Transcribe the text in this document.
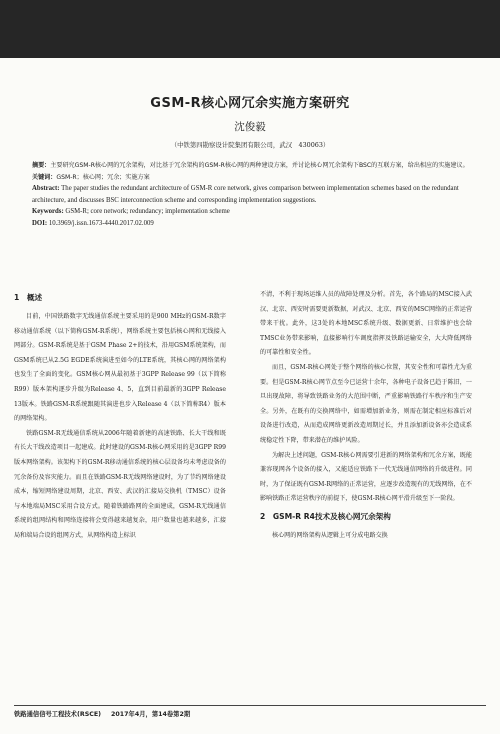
GSM-R核心网冗余实施方案研究
沈俊毅
（中铁第四勘察设计院集团有限公司，武汉　430063）

摘要：主要研究GSM-R核心网的冗余架构，对比基于冗余架构的GSM-R核心网的两种建设方案，并讨论核心网冗余架构下BSC的互联方案，给出相应的实施建议。

关键词：GSM-R；核心网；冗余；实施方案

Abstract: The paper studies the redundant architecture of GSM-R core network, gives comparison between implementation schemes based on the redundant architecture, and discusses BSC interconnection scheme and corresponding implementation suggestions.

Keywords: GSM-R; core network; redundancy; implementation scheme

DOI: 10.3969/j.issn.1673-4440.2017.02.009

1　概述

目前，中国铁路数字无线通信系统主要采用的是900 MHz的GSM-R数字移动通信系统（以下简称GSM-R系统），网络系统主要包括核心网和无线接入网部分。GSM-R系统是基于GSM Phase 2+的技术，沿用GSM系统架构，而GSM系统已从2.5G EGDE系统演进至如今的LTE系统，其核心网的网络架构也发生了全面的变化。GSM核心网从最初基于3GPP Release 99（以下简称R99）版本架构逐步升级为Release 4、5，直到目前最新的3GPP Release 13版本。铁路GSM-R系统跟随其演进也步入Release 4（以下简称R4）版本的网络架构。

铁路GSM-R无线通信系统从2006年随着新建的高速铁路、长大干线和既有长大干线改造项目一起建成。此时建设的GSM-R核心网采用的是3GPP R99版本网络架构。该架构下的GSM-R移动通信系统的核心层设备均未考虑设备的冗余备份及容灾能力。而且在铁路GSM-R无线网络建设时，为了节约网络建设成本，缩短网络建设周期，北京、西安、武汉的汇接局交换机（TMSC）设备与本地端局MSC采用合设方式。随着铁路路网的全面建成，GSM-R无线通信系统的组网结构和网络连接将会变得越来越复杂，用户数量也越来越多，汇接局和端局合设的组网方式，从网络构造上标识

不清，不利于现场运维人员的故障处理及分析。首先，各个路局的MSC接入武汉、北京、西安时需要更新数据，对武汉、北京、西安的MSC网络的正常运营带来干扰。此外，这3处的本地MSC系统升级、数据更新、日常维护也会给TMSC业务带来影响，直接影响行车调度指挥及铁路运输安全，大大降低网络的可靠性和安全性。

而且，GSM-R核心网处于整个网络的核心位置，其安全性和可靠性尤为重要。但是GSM-R核心网节点至今已运营十余年，各种电子设备已趋于陈旧，一旦出现故障，将导致铁路业务的大范围中断，严重影响铁路行车秩序和生产安全。另外，在既有的交换网络中，如需增加新业务，则需在制定相应标准后对设备进行改造，从而造成网络更新改造周期过长，并且添加新设备亦会造成系统稳定性下降，带来潜在的维护风险。

为解决上述问题，GSM-R核心网需要引进新的网络架构和冗余方案，既能兼容现网各个设备的接入，又能适应铁路下一代无线通信网络的升级进程。同时，为了保证既有GSM-R网络的正常运营，应逐步改造现有的无线网络，在不影响铁路正常运营秩序的前提下，使GSM-R核心网平滑升级至下一阶段。

2　GSM-R R4技术及核心网冗余架构

核心网的网络架构从逻辑上可分成电路交换

铁路通信信号工程技术(RSCE) 2017年4月，第14卷第2期
